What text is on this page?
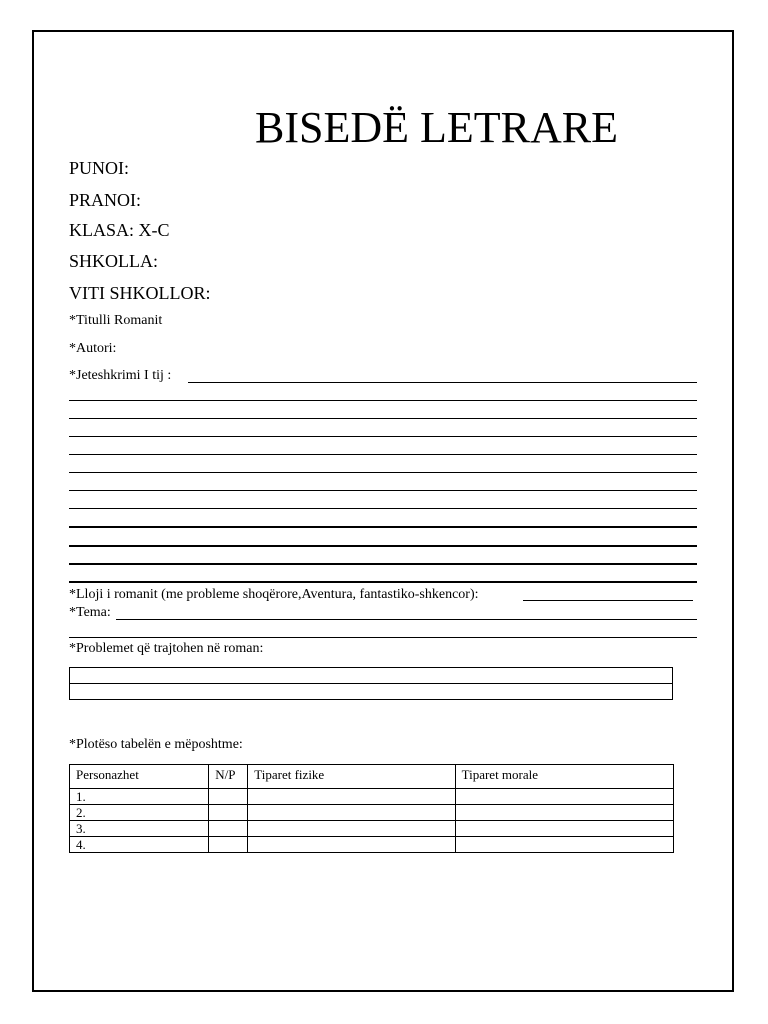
BISEDË LETRARE
PUNOI:
PRANOI:
KLASA: X-C
SHKOLLA:
VITI SHKOLLOR:
*Titulli Romanit
*Autori:
*Jeteshkrimi I tij :
*Lloji i romanit (me probleme shoqërore,Aventura, fantastiko-shkencor):
*Tema:
*Problemet që trajtohen në roman:

*Plotëso tabelën e mëposhtme:
Personazhet	N/P	Tiparet fizike	Tiparet morale
1.			
2.			
3.			
4.			
